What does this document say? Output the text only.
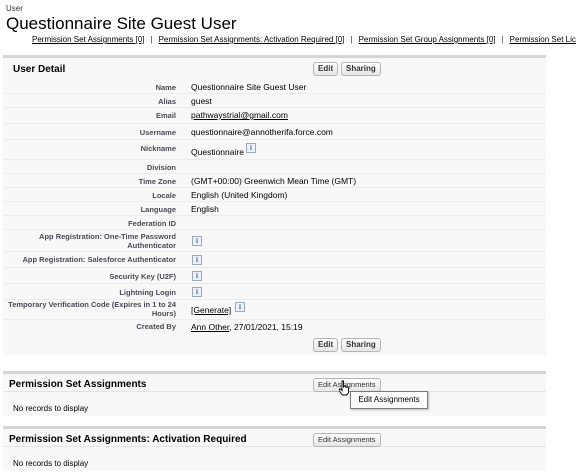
User
Questionnaire Site Guest User
Permission Set Assignments [0] | Permission Set Assignments: Activation Required [0] | Permission Set Group Assignments [0] | Permission Set Lic
User Detail	Edit	Sharing
Name Questionnaire Site Guest User
Alias guest
Email pathwaystrial@gmail.com
Username questionnaire@annotherifa.force.com
Nickname Questionnaire i
Division
Time Zone (GMT+00:00) Greenwich Mean Time (GMT)
Locale English (United Kingdom)
Language English
Federation ID
App Registration: One-Time Password Authenticator	i
App Registration: Salesforce Authenticator	i
Security Key (U2F)	i
Lightning Login	i
Temporary Verification Code (Expires in 1 to 24 Hours) [Generate]	i
Created By Ann Other, 27/01/2021, 15:19
Edit	Sharing
Permission Set Assignments	Edit Assignments
No records to display
Permission Set Assignments: Activation Required	Edit Assignments
No records to display
Edit Assignments
